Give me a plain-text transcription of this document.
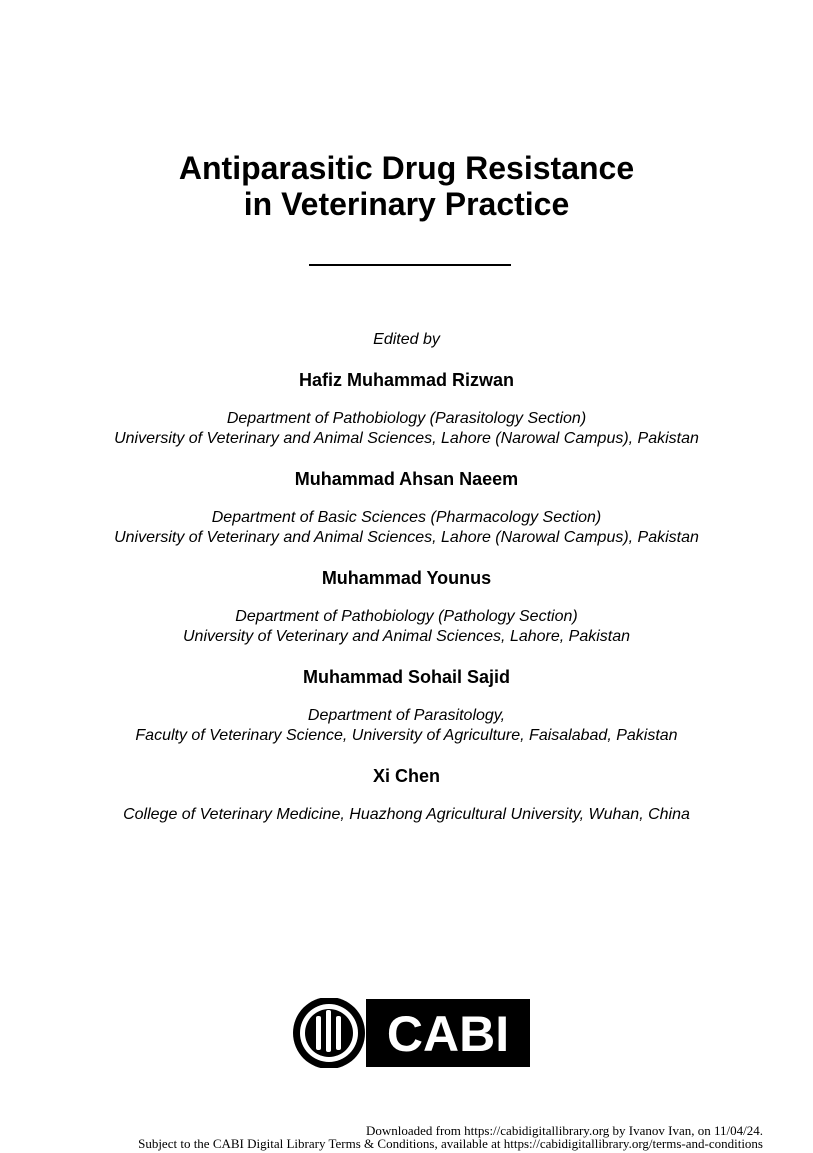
Antiparasitic Drug Resistance
in Veterinary Practice
Edited by
Hafiz Muhammad Rizwan
Department of Pathobiology (Parasitology Section)
University of Veterinary and Animal Sciences, Lahore (Narowal Campus), Pakistan
Muhammad Ahsan Naeem
Department of Basic Sciences (Pharmacology Section)
University of Veterinary and Animal Sciences, Lahore (Narowal Campus), Pakistan
Muhammad Younus
Department of Pathobiology (Pathology Section)
University of Veterinary and Animal Sciences, Lahore, Pakistan
Muhammad Sohail Sajid
Department of Parasitology,
Faculty of Veterinary Science, University of Agriculture, Faisalabad, Pakistan
Xi Chen
College of Veterinary Medicine, Huazhong Agricultural University, Wuhan, China
CABI
Downloaded from https://cabidigitallibrary.org by Ivanov Ivan, on 11/04/24.
Subject to the CABI Digital Library Terms & Conditions, available at https://cabidigitallibrary.org/terms-and-conditions
